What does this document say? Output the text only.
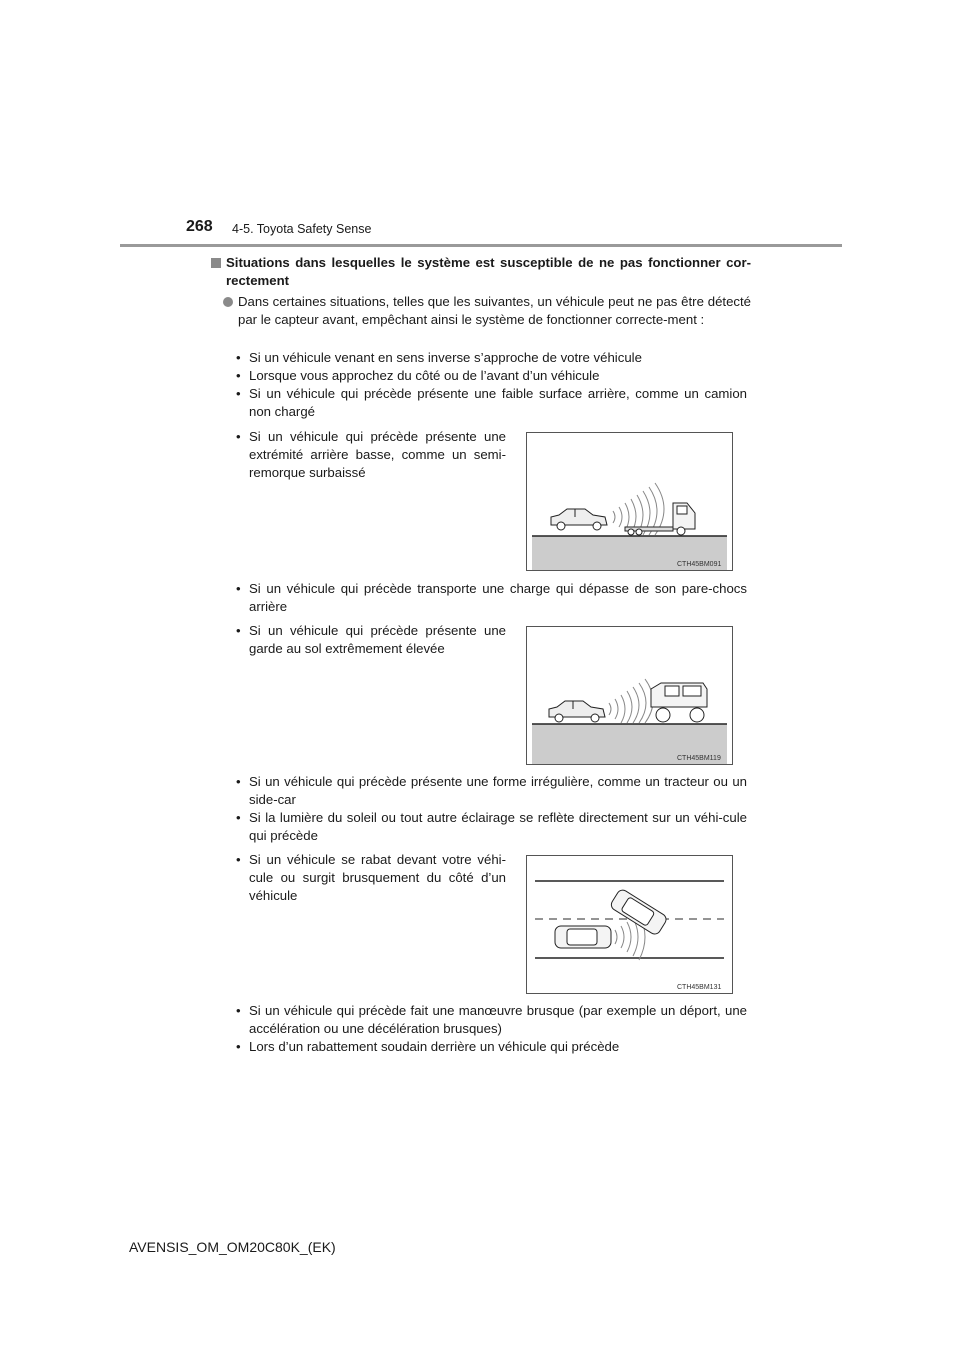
268 4-5. Toyota Safety Sense
Situations dans lesquelles le système est susceptible de ne pas fonctionner cor-rectement
Dans certaines situations, telles que les suivantes, un véhicule peut ne pas être détecté par le capteur avant, empêchant ainsi le système de fonctionner correcte-ment :
• Si un véhicule venant en sens inverse s’approche de votre véhicule
• Lorsque vous approchez du côté ou de l’avant d’un véhicule
• Si un véhicule qui précède présente une faible surface arrière, comme un camion non chargé
• Si un véhicule qui précède présente une extrémité arrière basse, comme un semi-remorque surbaissé
CTH45BM091
• Si un véhicule qui précède transporte une charge qui dépasse de son pare-chocs arrière
• Si un véhicule qui précède présente une garde au sol extrêmement élevée
CTH45BM119
• Si un véhicule qui précède présente une forme irrégulière, comme un tracteur ou un side-car
• Si la lumière du soleil ou tout autre éclairage se reflète directement sur un véhi-cule qui précède
• Si un véhicule se rabat devant votre véhi-cule ou surgit brusquement du côté d’un véhicule
CTH45BM131
• Si un véhicule qui précède fait une manœuvre brusque (par exemple un déport, une accélération ou une décélération brusques)
• Lors d’un rabattement soudain derrière un véhicule qui précède
AVENSIS_OM_OM20C80K_(EK)
